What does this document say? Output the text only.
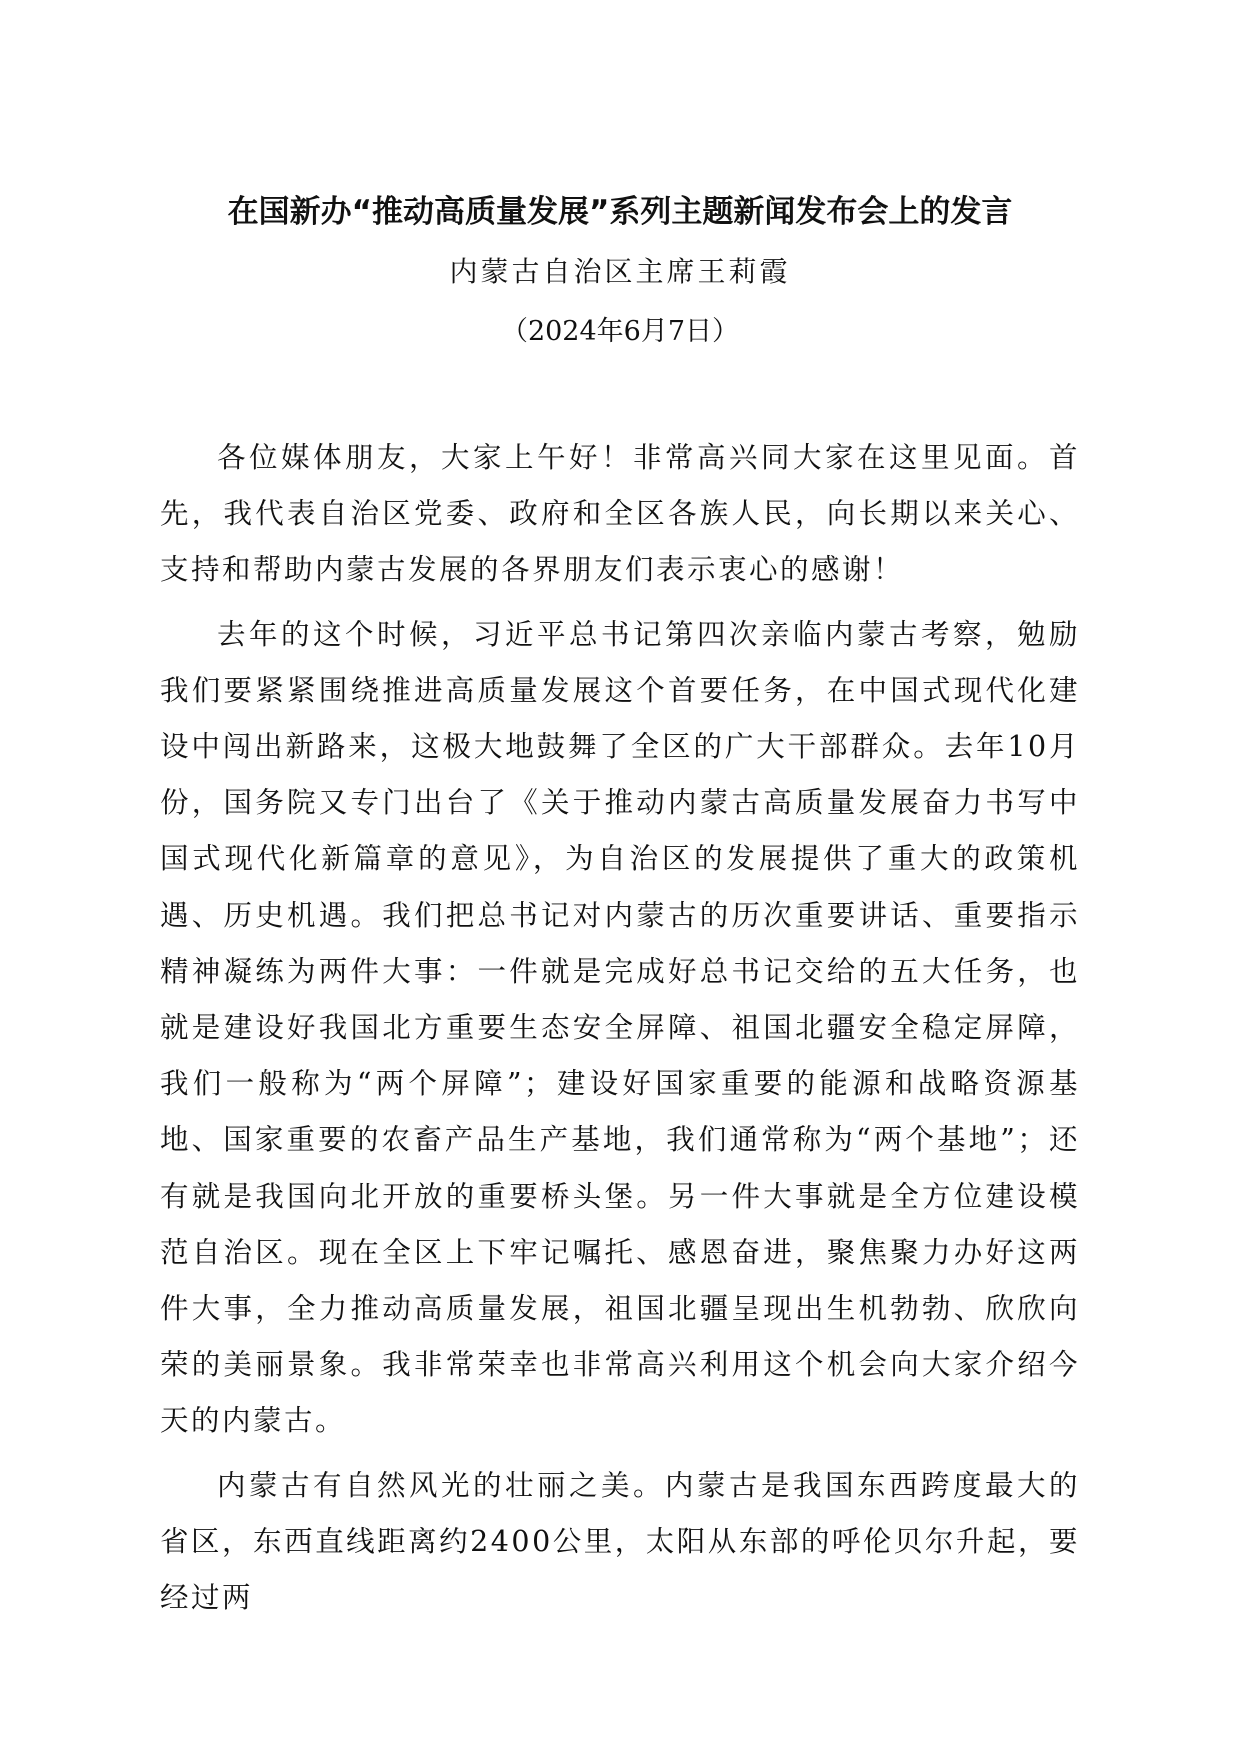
在国新办“推动高质量发展”系列主题新闻发布会上的发言
内蒙古自治区主席王莉霞
（2024年6月7日）

各位媒体朋友，大家上午好！非常高兴同大家在这里见面。首先，我代表自治区党委、政府和全区各族人民，向长期以来关心、支持和帮助内蒙古发展的各界朋友们表示衷心的感谢！

去年的这个时候，习近平总书记第四次亲临内蒙古考察，勉励我们要紧紧围绕推进高质量发展这个首要任务，在中国式现代化建设中闯出新路来，这极大地鼓舞了全区的广大干部群众。去年10月份，国务院又专门出台了《关于推动内蒙古高质量发展奋力书写中国式现代化新篇章的意见》，为自治区的发展提供了重大的政策机遇、历史机遇。我们把总书记对内蒙古的历次重要讲话、重要指示精神凝练为两件大事：一件就是完成好总书记交给的五大任务，也就是建设好我国北方重要生态安全屏障、祖国北疆安全稳定屏障，我们一般称为“两个屏障”；建设好国家重要的能源和战略资源基地、国家重要的农畜产品生产基地，我们通常称为“两个基地”；还有就是我国向北开放的重要桥头堡。另一件大事就是全方位建设模范自治区。现在全区上下牢记嘱托、感恩奋进，聚焦聚力办好这两件大事，全力推动高质量发展，祖国北疆呈现出生机勃勃、欣欣向荣的美丽景象。我非常荣幸也非常高兴利用这个机会向大家介绍今天的内蒙古。

内蒙古有自然风光的壮丽之美。内蒙古是我国东西跨度最大的省区，东西直线距离约2400公里，太阳从东部的呼伦贝尔升起，要经过两
